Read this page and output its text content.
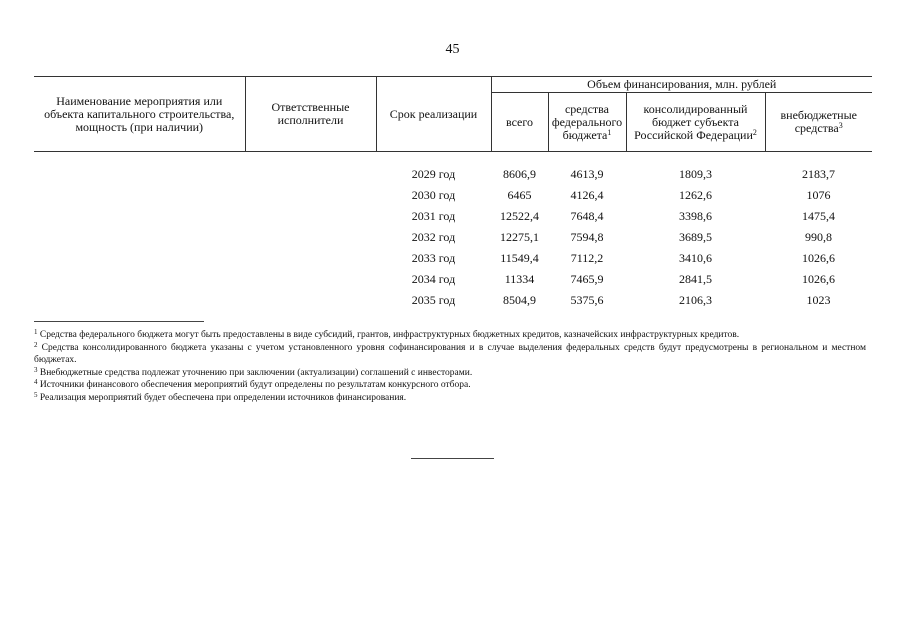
45
Наименование мероприятия или объекта капитального строительства, мощность (при наличии)	Ответственные исполнители	Срок реализации	Объем финансирования, млн. рублей			
			всего	средства федерального бюджета$^1$	консолидированный бюджет субъекта Российской Федерации$^2$	внебюджетные средства$^3$
		2029 год	8606,9	4613,9	1809,3	2183,7
		2030 год	6465	4126,4	1262,6	1076
		2031 год	12522,4	7648,4	3398,6	1475,4
		2032 год	12275,1	7594,8	3689,5	990,8
		2033 год	11549,4	7112,2	3410,6	1026,6
		2034 год	11334	7465,9	2841,5	1026,6
		2035 год	8504,9	5375,6	2106,3	1023
$^1$ Средства федерального бюджета могут быть предоставлены в виде субсидий, грантов, инфраструктурных бюджетных кредитов, казначейских инфраструктурных кредитов.
$^2$ Средства консолидированного бюджета указаны с учетом установленного уровня софинансирования и в случае выделения федеральных средств будут предусмотрены в региональном и местном бюджетах.
$^3$ Внебюджетные средства подлежат уточнению при заключении (актуализации) соглашений с инвесторами.
$^4$ Источники финансового обеспечения мероприятий будут определены по результатам конкурсного отбора.
$^5$ Реализация мероприятий будет обеспечена при определении источников финансирования.
